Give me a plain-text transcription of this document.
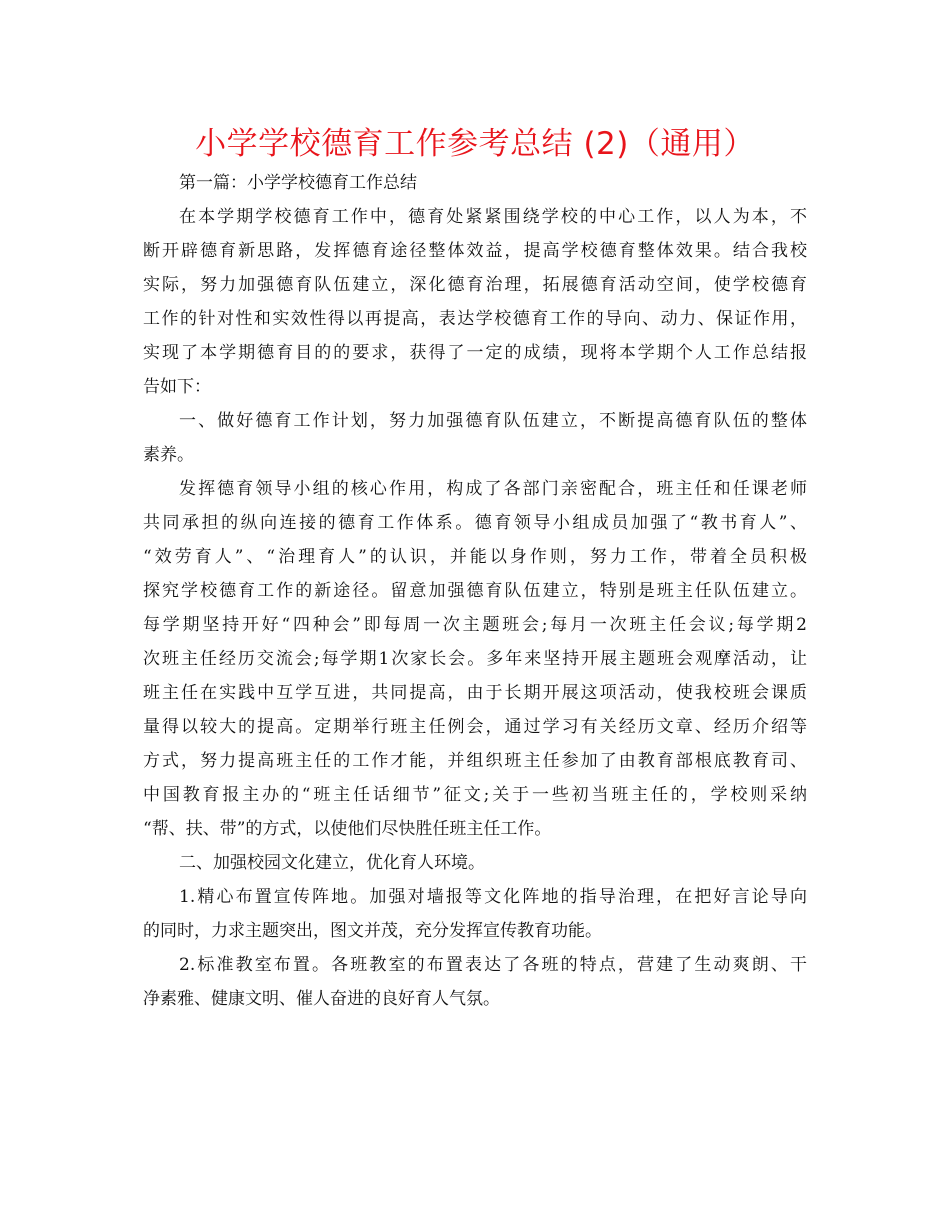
小学学校德育工作参考总结 (2)（通用）

第一篇：小学学校德育工作总结

在本学期学校德育工作中，德育处紧紧围绕学校的中心工作，以人为本，不
断开辟德育新思路，发挥德育途径整体效益，提高学校德育整体效果。结合我校
实际，努力加强德育队伍建立，深化德育治理，拓展德育活动空间，使学校德育
工作的针对性和实效性得以再提高，表达学校德育工作的导向、动力、保证作用，
实现了本学期德育目的的要求，获得了一定的成绩，现将本学期个人工作总结报
告如下：
一、做好德育工作计划，努力加强德育队伍建立，不断提高德育队伍的整体
素养。
发挥德育领导小组的核心作用，构成了各部门亲密配合，班主任和任课老师
共同承担的纵向连接的德育工作体系。德育领导小组成员加强了“教书育人”、
“效劳育人”、“治理育人”的认识，并能以身作则，努力工作，带着全员积极
探究学校德育工作的新途径。留意加强德育队伍建立，特别是班主任队伍建立。
每学期坚持开好“四种会”即每周一次主题班会;每月一次班主任会议;每学期2
次班主任经历交流会;每学期1次家长会。多年来坚持开展主题班会观摩活动，让
班主任在实践中互学互进，共同提高，由于长期开展这项活动，使我校班会课质
量得以较大的提高。定期举行班主任例会，通过学习有关经历文章、经历介绍等
方式，努力提高班主任的工作才能，并组织班主任参加了由教育部根底教育司、
中国教育报主办的“班主任话细节”征文;关于一些初当班主任的，学校则采纳
“帮、扶、带”的方式，以使他们尽快胜任班主任工作。
二、加强校园文化建立，优化育人环境。
1.精心布置宣传阵地。加强对墙报等文化阵地的指导治理，在把好言论导向
的同时，力求主题突出，图文并茂，充分发挥宣传教育功能。
2.标准教室布置。各班教室的布置表达了各班的特点，营建了生动爽朗、干
净素雅、健康文明、催人奋进的良好育人气氛。
